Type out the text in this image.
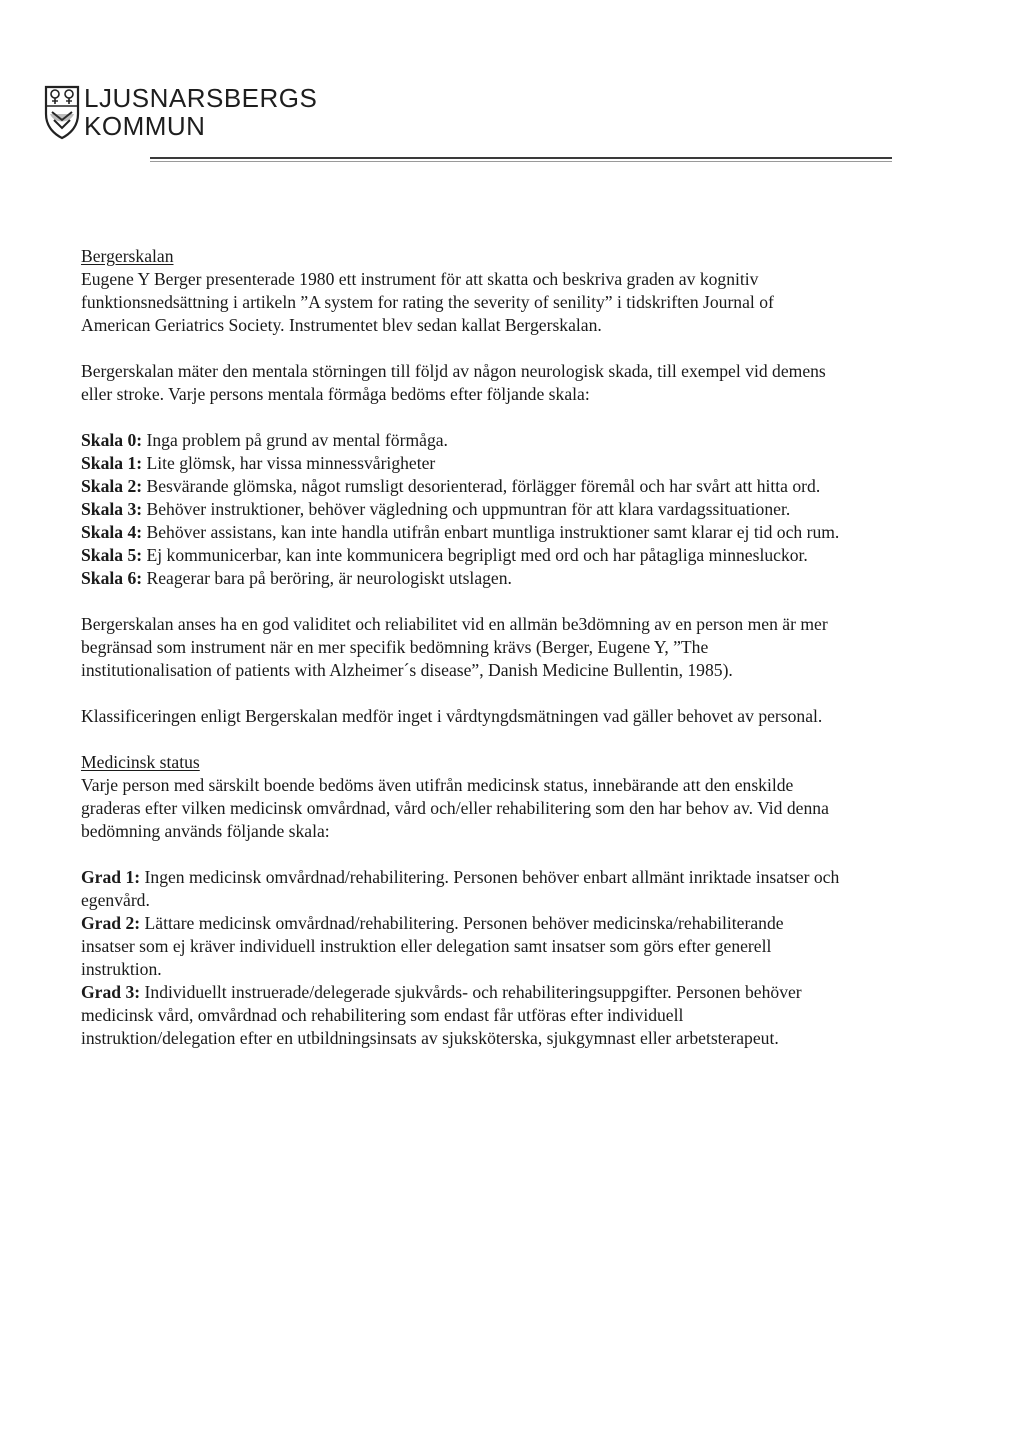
LJUSNARSBERGS
KOMMUN

Bergerskalan

Eugene Y Berger presenterade 1980 ett instrument för att skatta och beskriva graden av kognitiv funktionsnedsättning i artikeln ”A system for rating the severity of senility” i tidskriften Journal of American Geriatrics Society. Instrumentet blev sedan kallat Bergerskalan.

Bergerskalan mäter den mentala störningen till följd av någon neurologisk skada, till exempel vid demens eller stroke. Varje persons mentala förmåga bedöms efter följande skala:

Skala 0: Inga problem på grund av mental förmåga.

Skala 1: Lite glömsk, har vissa minnessvårigheter

Skala 2: Besvärande glömska, något rumsligt desorienterad, förlägger föremål och har svårt att hitta ord.

Skala 3: Behöver instruktioner, behöver vägledning och uppmuntran för att klara vardagssituationer.

Skala 4: Behöver assistans, kan inte handla utifrån enbart muntliga instruktioner samt klarar ej tid och rum.

Skala 5: Ej kommunicerbar, kan inte kommunicera begripligt med ord och har påtagliga minnesluckor.

Skala 6: Reagerar bara på beröring, är neurologiskt utslagen.

Bergerskalan anses ha en god validitet och reliabilitet vid en allmän be3dömning av en person men är mer begränsad som instrument när en mer specifik bedömning krävs (Berger, Eugene Y, ”The institutionalisation of patients with Alzheimer´s disease”, Danish Medicine Bullentin, 1985).

Klassificeringen enligt Bergerskalan medför inget i vårdtyngdsmätningen vad gäller behovet av personal.

Medicinsk status

Varje person med särskilt boende bedöms även utifrån medicinsk status, innebärande att den enskilde graderas efter vilken medicinsk omvårdnad, vård och/eller rehabilitering som den har behov av. Vid denna bedömning används följande skala:

Grad 1: Ingen medicinsk omvårdnad/rehabilitering. Personen behöver enbart allmänt inriktade insatser och egenvård.

Grad 2: Lättare medicinsk omvårdnad/rehabilitering. Personen behöver medicinska/rehabiliterande insatser som ej kräver individuell instruktion eller delegation samt insatser som görs efter generell instruktion.

Grad 3: Individuellt instruerade/delegerade sjukvårds- och rehabiliteringsuppgifter. Personen behöver medicinsk vård, omvårdnad och rehabilitering som endast får utföras efter individuell instruktion/delegation efter en utbildningsinsats av sjuksköterska, sjukgymnast eller arbetsterapeut.
